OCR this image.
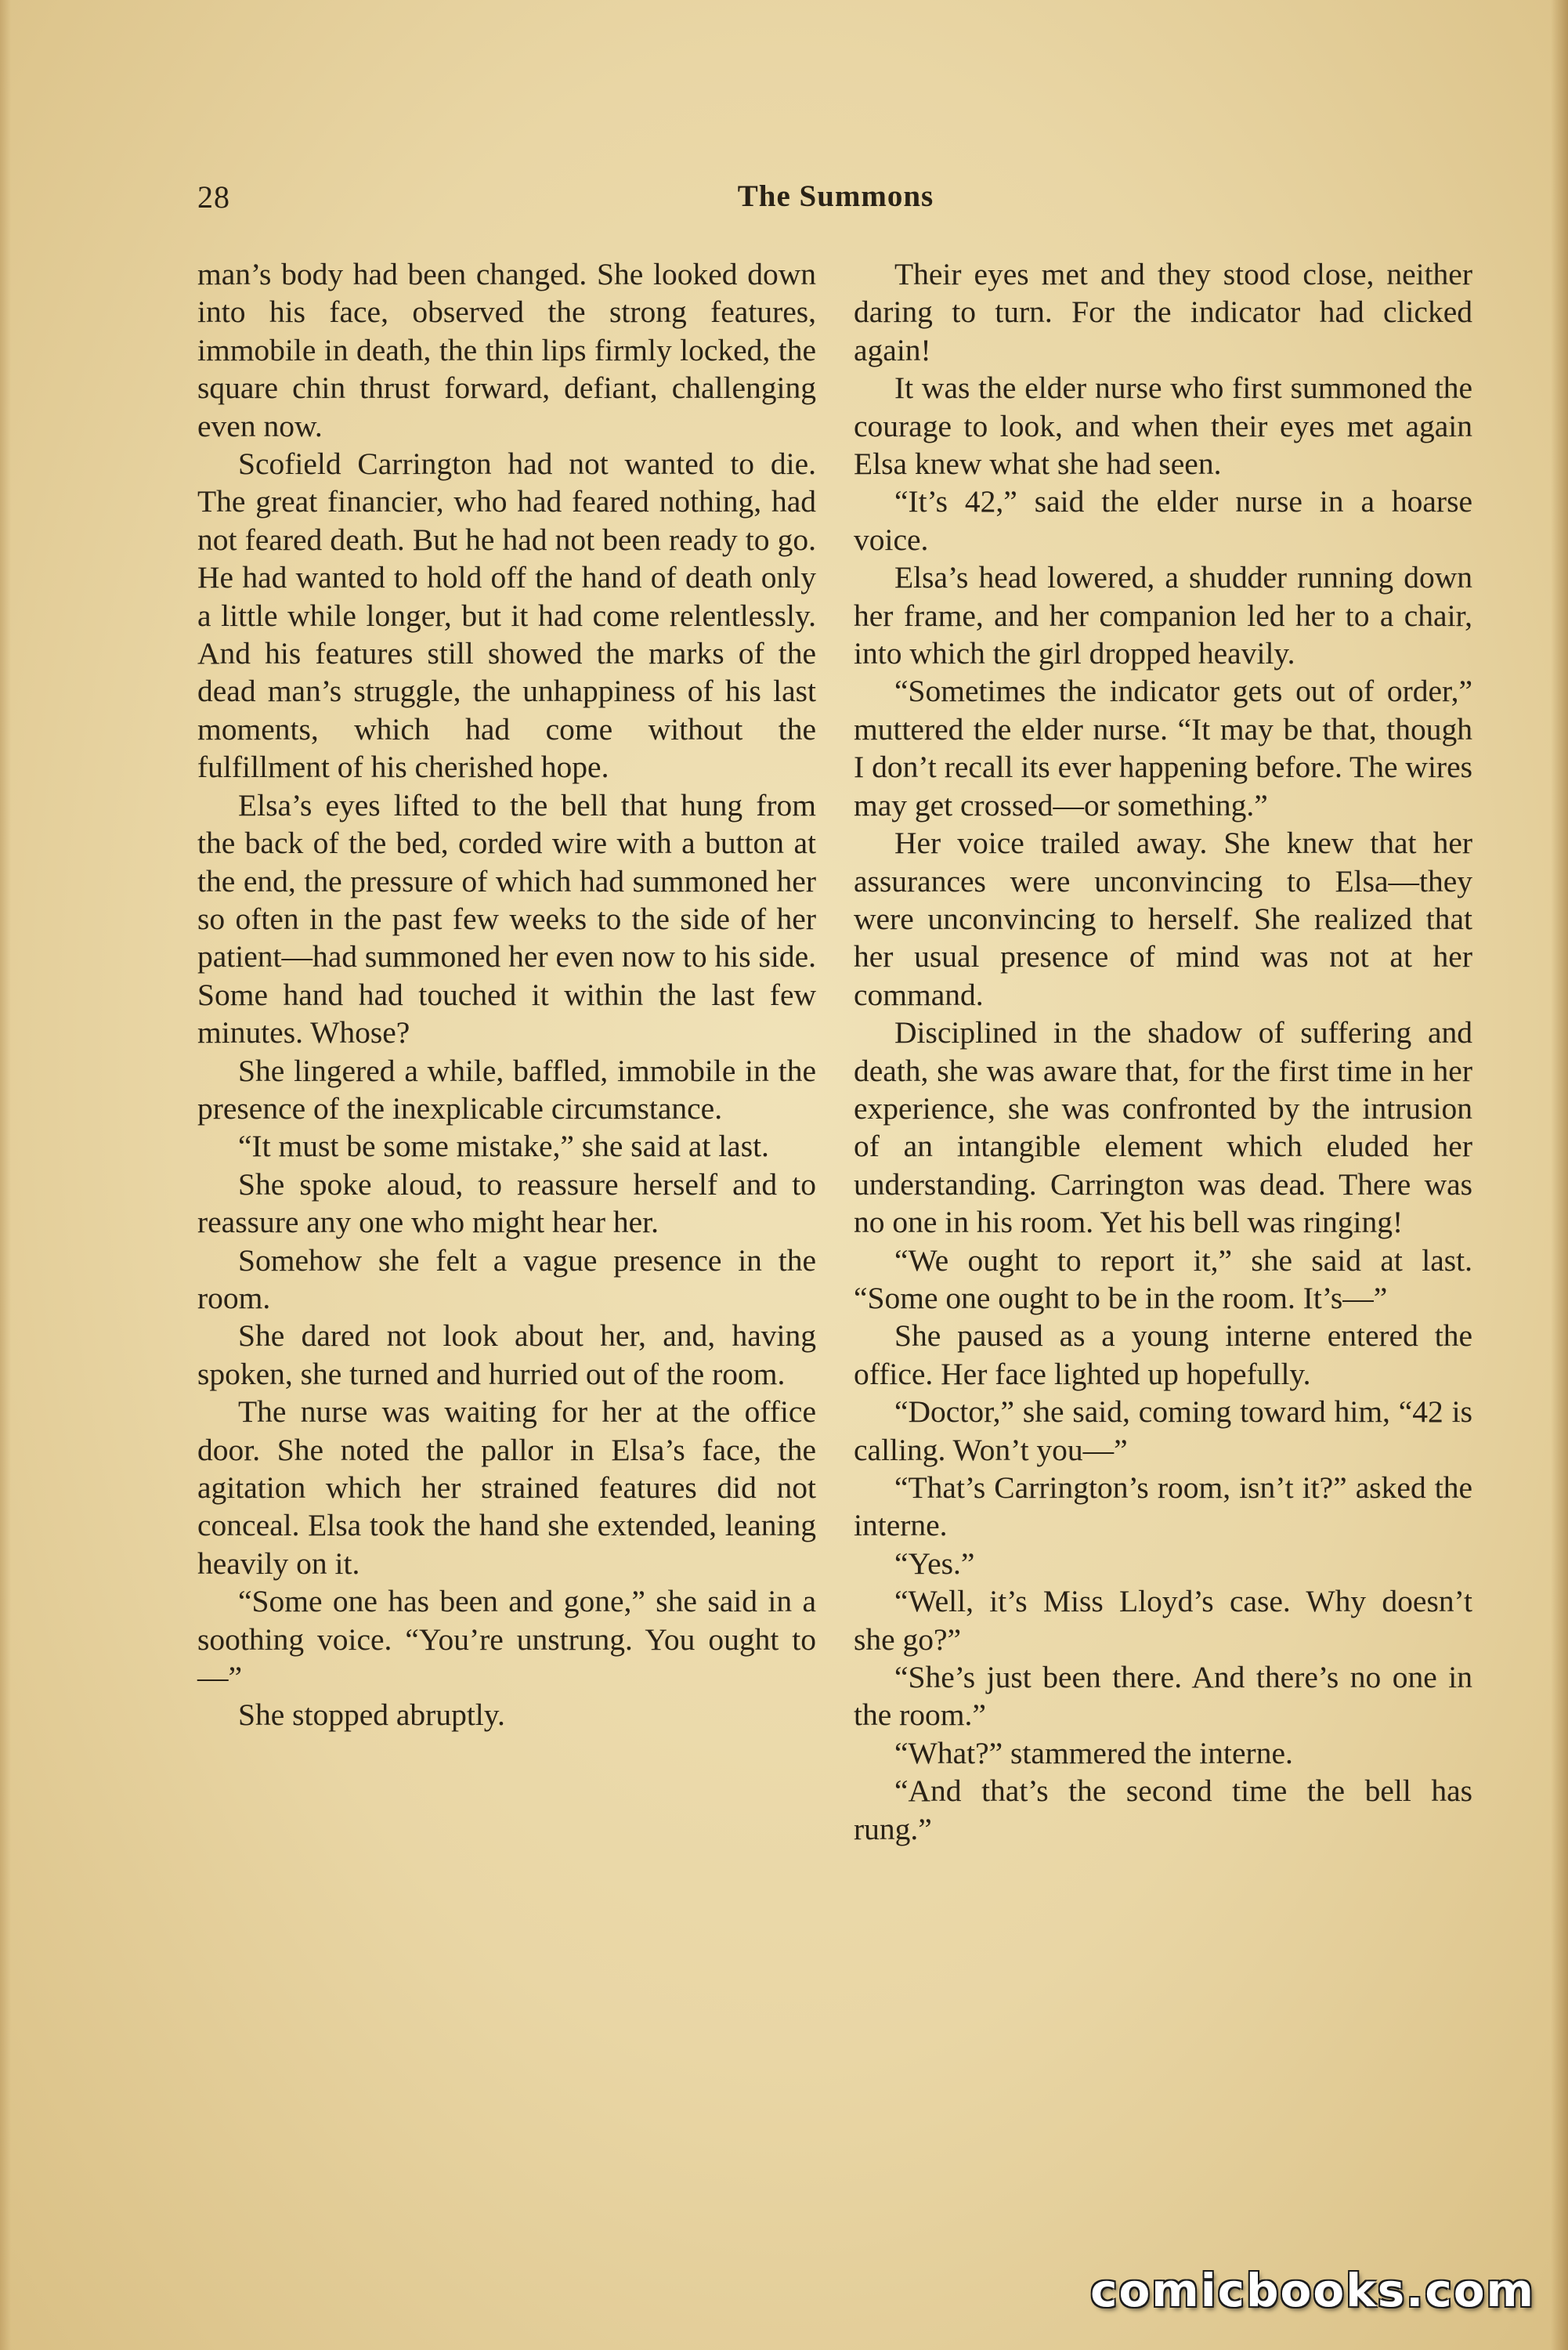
28	The Summons

man’s body had been changed. She looked down into his face, observed the strong features, immobile in death, the thin lips firmly locked, the square chin thrust forward, defiant, challenging even now.

Scofield Carrington had not wanted to die. The great financier, who had feared nothing, had not feared death. But he had not been ready to go. He had wanted to hold off the hand of death only a little while longer, but it had come relentlessly. And his features still showed the marks of the dead man’s struggle, the unhappiness of his last moments, which had come without the fulfillment of his cherished hope.

Elsa’s eyes lifted to the bell that hung from the back of the bed, corded wire with a button at the end, the pressure of which had summoned her so often in the past few weeks to the side of her patient—had summoned her even now to his side. Some hand had touched it within the last few minutes. Whose?

She lingered a while, baffled, immobile in the presence of the inexplicable circumstance.

“It must be some mistake,” she said at last.

She spoke aloud, to reassure herself and to reassure any one who might hear her.

Somehow she felt a vague presence in the room.

She dared not look about her, and, having spoken, she turned and hurried out of the room.

The nurse was waiting for her at the office door. She noted the pallor in Elsa’s face, the agitation which her strained features did not conceal. Elsa took the hand she extended, leaning heavily on it.

“Some one has been and gone,” she said in a soothing voice. “You’re unstrung. You ought to—”

She stopped abruptly.

Their eyes met and they stood close, neither daring to turn. For the indicator had clicked again!

It was the elder nurse who first summoned the courage to look, and when their eyes met again Elsa knew what she had seen.

“It’s 42,” said the elder nurse in a hoarse voice.

Elsa’s head lowered, a shudder running down her frame, and her companion led her to a chair, into which the girl dropped heavily.

“Sometimes the indicator gets out of order,” muttered the elder nurse. “It may be that, though I don’t recall its ever happening before. The wires may get crossed—or something.”

Her voice trailed away. She knew that her assurances were unconvincing to Elsa—they were unconvincing to herself. She realized that her usual presence of mind was not at her command.

Disciplined in the shadow of suffering and death, she was aware that, for the first time in her experience, she was confronted by the intrusion of an intangible element which eluded her understanding. Carrington was dead. There was no one in his room. Yet his bell was ringing!

“We ought to report it,” she said at last. “Some one ought to be in the room. It’s—”

She paused as a young interne entered the office. Her face lighted up hopefully.

“Doctor,” she said, coming toward him, “42 is calling. Won’t you—”

“That’s Carrington’s room, isn’t it?” asked the interne.

“Yes.”

“Well, it’s Miss Lloyd’s case. Why doesn’t she go?”

“She’s just been there. And there’s no one in the room.”

“What?” stammered the interne.

“And that’s the second time the bell has rung.”

comicbooks.com
